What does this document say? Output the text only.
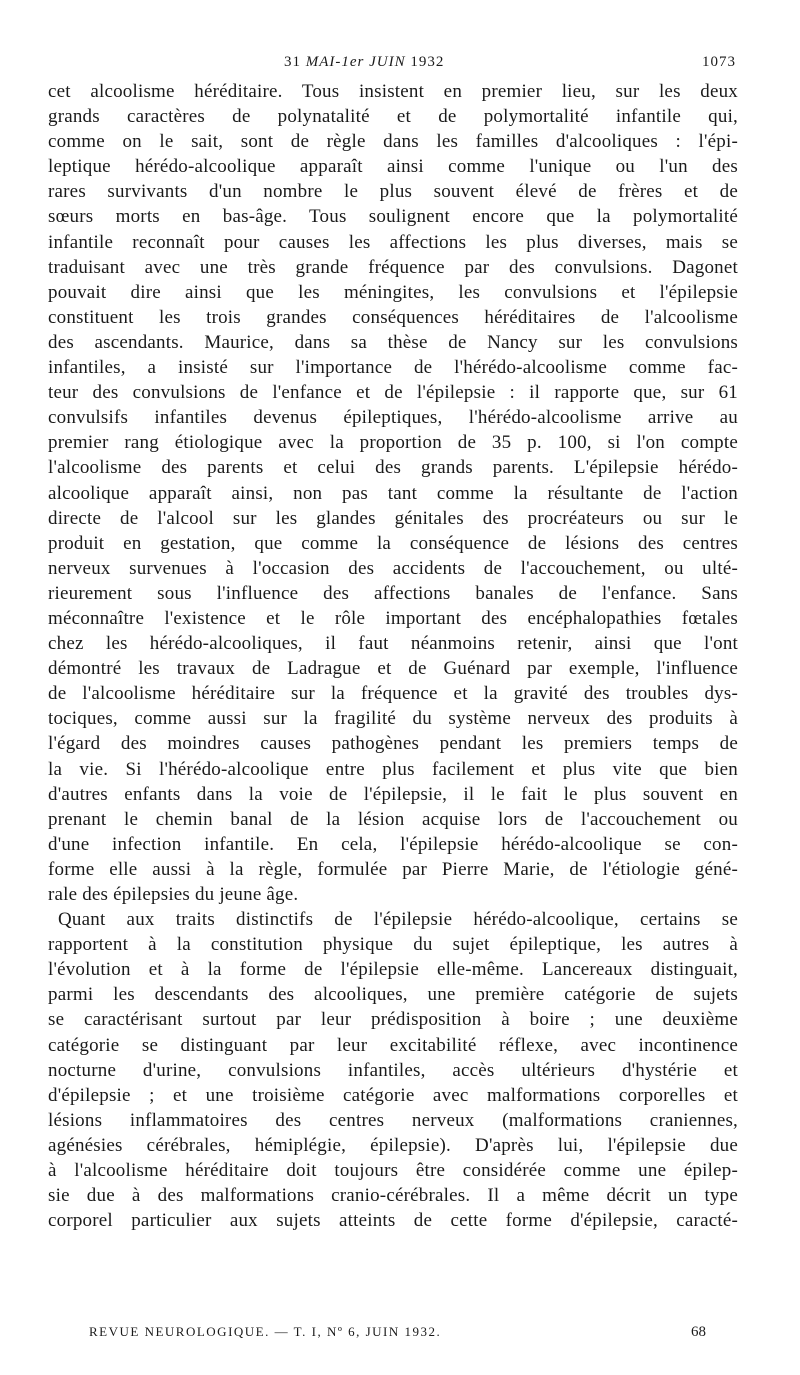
31 MAI-1er JUIN 1932	1073
cet alcoolisme héréditaire. Tous insistent en premier lieu, sur les deux
grands caractères de polynatalité et de polymortalité infantile qui,
comme on le sait, sont de règle dans les familles d'alcooliques : l'épi-
leptique hérédo-alcoolique apparaît ainsi comme l'unique ou l'un des
rares survivants d'un nombre le plus souvent élevé de frères et de
sœurs morts en bas-âge. Tous soulignent encore que la polymortalité
infantile reconnaît pour causes les affections les plus diverses, mais se
traduisant avec une très grande fréquence par des convulsions. Dagonet
pouvait dire ainsi que les méningites, les convulsions et l'épilepsie
constituent les trois grandes conséquences héréditaires de l'alcoolisme
des ascendants. Maurice, dans sa thèse de Nancy sur les convulsions
infantiles, a insisté sur l'importance de l'hérédo-alcoolisme comme fac-
teur des convulsions de l'enfance et de l'épilepsie : il rapporte que, sur 61
convulsifs infantiles devenus épileptiques, l'hérédo-alcoolisme arrive au
premier rang étiologique avec la proportion de 35 p. 100, si l'on compte
l'alcoolisme des parents et celui des grands parents. L'épilepsie hérédo-
alcoolique apparaît ainsi, non pas tant comme la résultante de l'action
directe de l'alcool sur les glandes génitales des procréateurs ou sur le
produit en gestation, que comme la conséquence de lésions des centres
nerveux survenues à l'occasion des accidents de l'accouchement, ou ulté-
rieurement sous l'influence des affections banales de l'enfance. Sans
méconnaître l'existence et le rôle important des encéphalopathies fœtales
chez les hérédo-alcooliques, il faut néanmoins retenir, ainsi que l'ont
démontré les travaux de Ladrague et de Guénard par exemple, l'influence
de l'alcoolisme héréditaire sur la fréquence et la gravité des troubles dys-
tociques, comme aussi sur la fragilité du système nerveux des produits à
l'égard des moindres causes pathogènes pendant les premiers temps de
la vie. Si l'hérédo-alcoolique entre plus facilement et plus vite que bien
d'autres enfants dans la voie de l'épilepsie, il le fait le plus souvent en
prenant le chemin banal de la lésion acquise lors de l'accouchement ou
d'une infection infantile. En cela, l'épilepsie hérédo-alcoolique se con-
forme elle aussi à la règle, formulée par Pierre Marie, de l'étiologie géné-
rale des épilepsies du jeune âge.
Quant aux traits distinctifs de l'épilepsie hérédo-alcoolique, certains se
rapportent à la constitution physique du sujet épileptique, les autres à
l'évolution et à la forme de l'épilepsie elle-même. Lancereaux distinguait,
parmi les descendants des alcooliques, une première catégorie de sujets
se caractérisant surtout par leur prédisposition à boire ; une deuxième
catégorie se distinguant par leur excitabilité réflexe, avec incontinence
nocturne d'urine, convulsions infantiles, accès ultérieurs d'hystérie et
d'épilepsie ; et une troisième catégorie avec malformations corporelles et
lésions inflammatoires des centres nerveux (malformations craniennes,
agénésies cérébrales, hémiplégie, épilepsie). D'après lui, l'épilepsie due
à l'alcoolisme héréditaire doit toujours être considérée comme une épilep-
sie due à des malformations cranio-cérébrales. Il a même décrit un type
corporel particulier aux sujets atteints de cette forme d'épilepsie, caracté-
REVUE NEUROLOGIQUE. — T. I, Nº 6, JUIN 1932.	68
